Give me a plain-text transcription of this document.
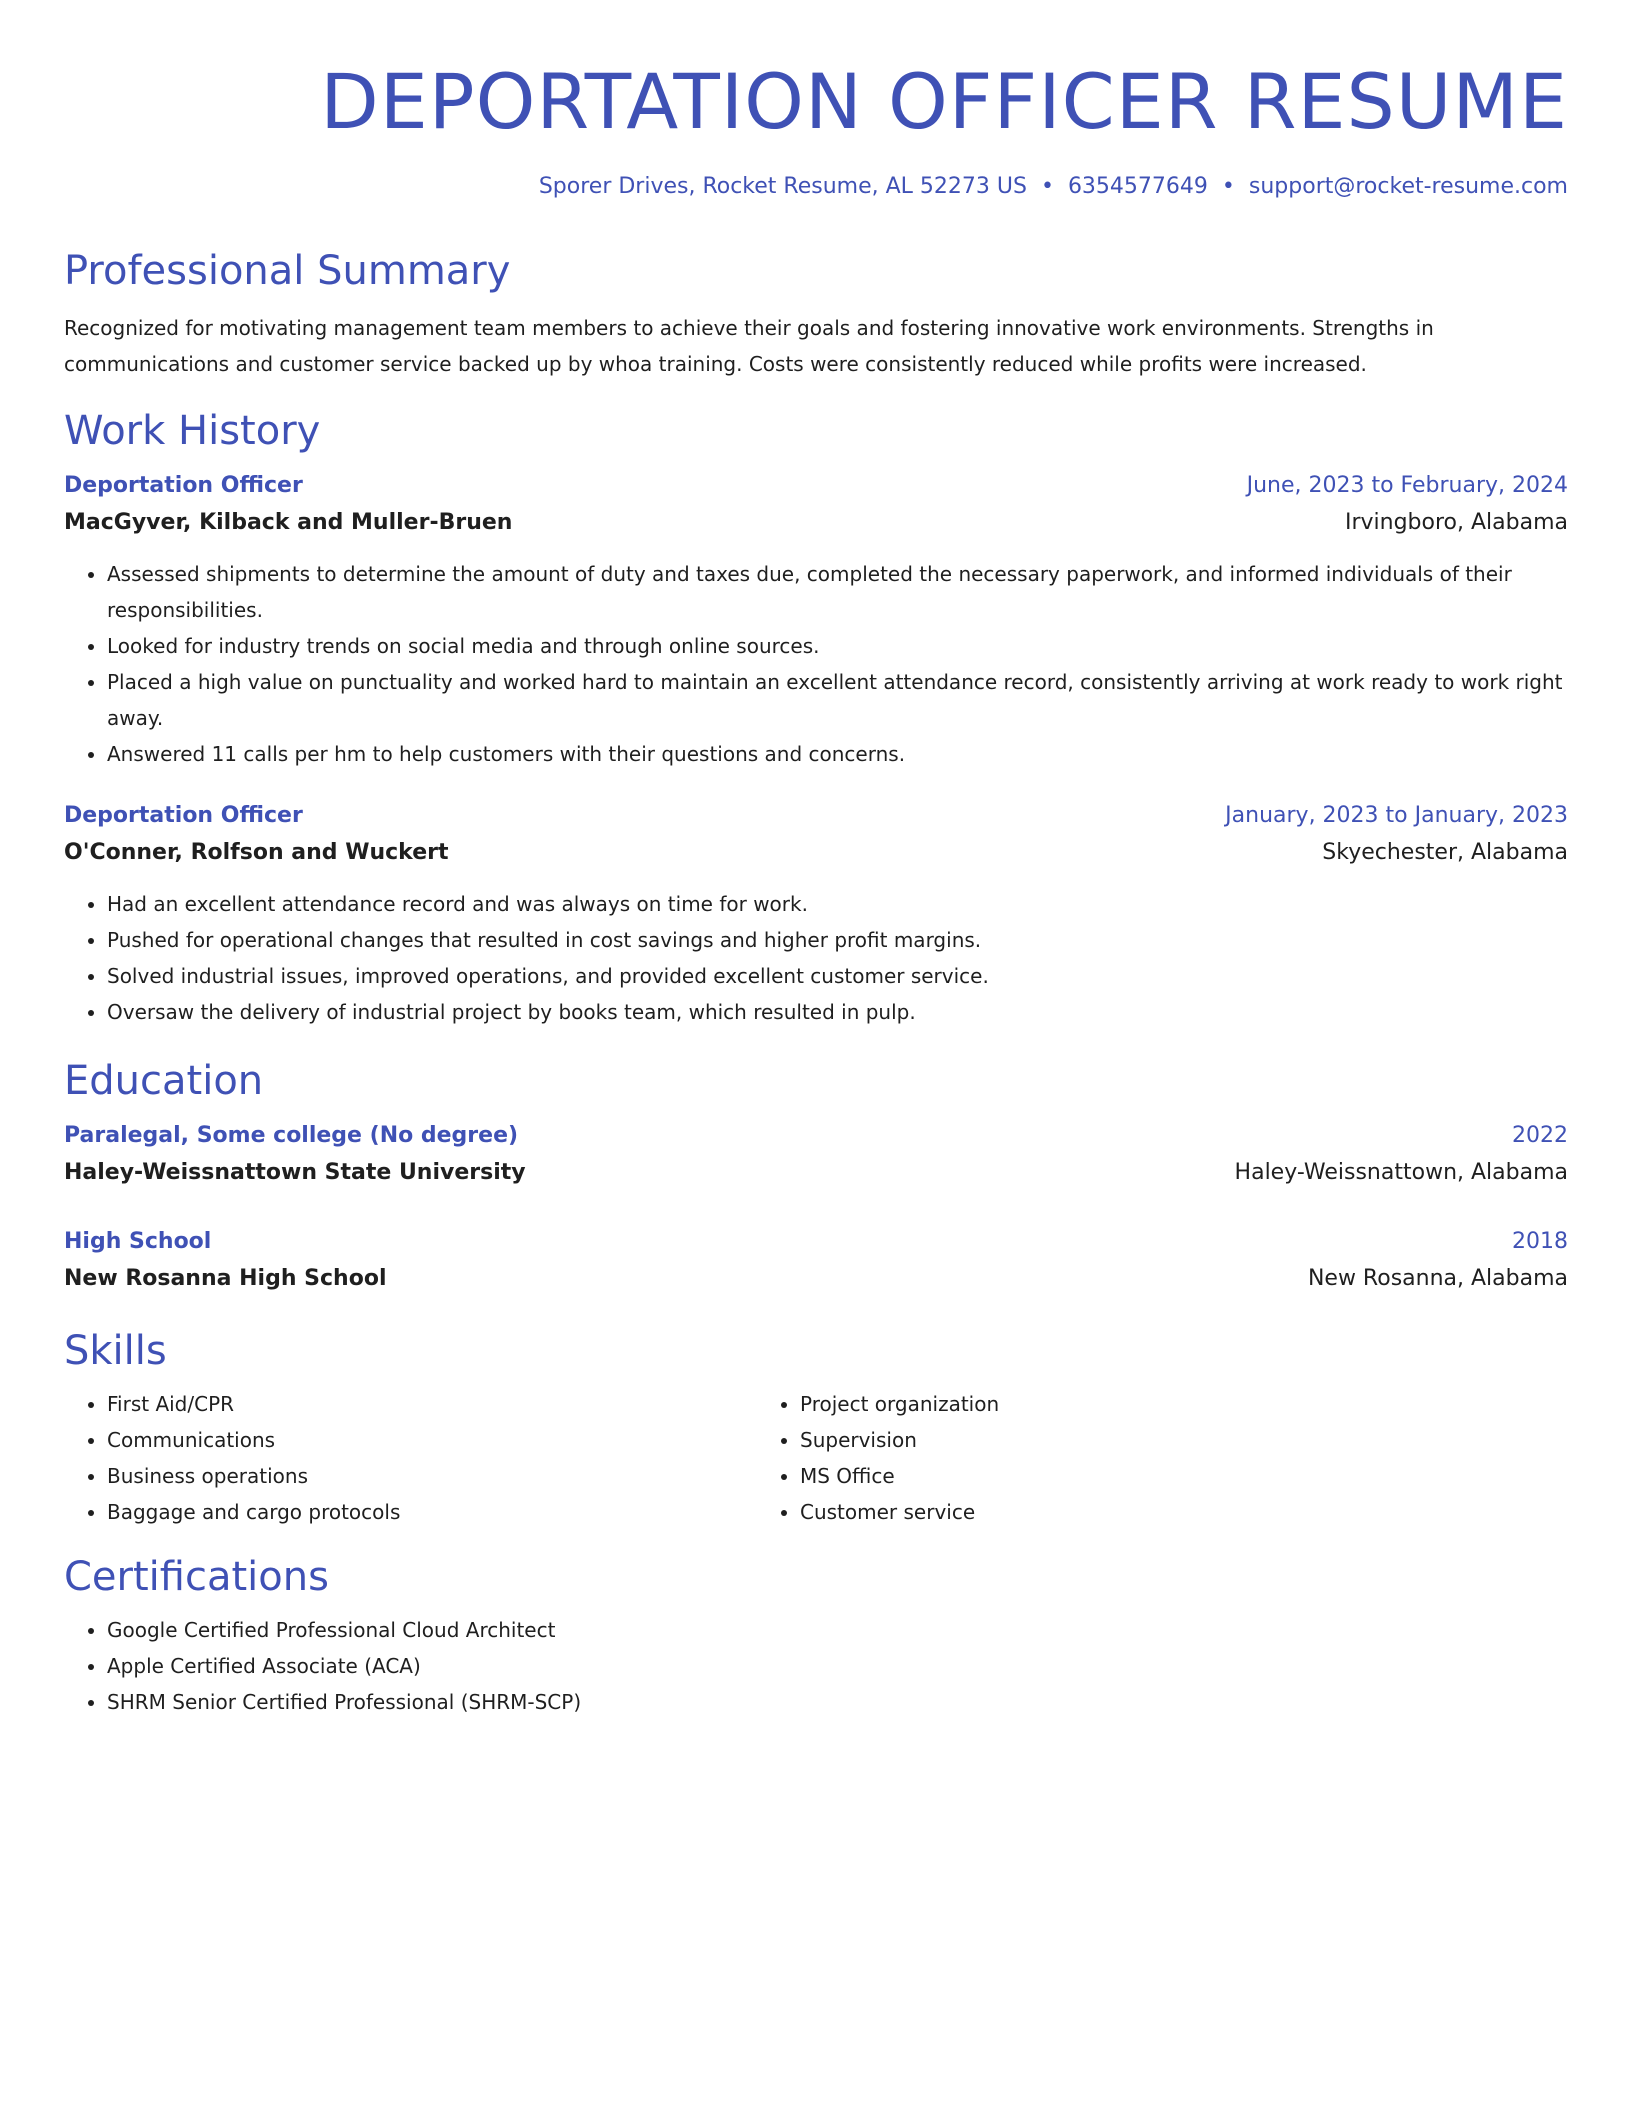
DEPORTATION OFFICER RESUME
Sporer Drives, Rocket Resume, AL 52273 US • 6354577649 • support@rocket-resume.com
Professional Summary

Recognized for motivating management team members to achieve their goals and fostering innovative work environments. Strengths in communications and customer service backed up by whoa training. Costs were consistently reduced while profits were increased.

Work History
Deportation Officer	June, 2023 to February, 2024
MacGyver, Kilback and Muller-Bruen	Irvingboro, Alabama
• Assessed shipments to determine the amount of duty and taxes due, completed the necessary paperwork, and informed individuals of their responsibilities.
• Looked for industry trends on social media and through online sources.
• Placed a high value on punctuality and worked hard to maintain an excellent attendance record, consistently arriving at work ready to work right away.
• Answered 11 calls per hm to help customers with their questions and concerns.
Deportation Officer	January, 2023 to January, 2023
O'Conner, Rolfson and Wuckert	Skyechester, Alabama
• Had an excellent attendance record and was always on time for work.
• Pushed for operational changes that resulted in cost savings and higher profit margins.
• Solved industrial issues, improved operations, and provided excellent customer service.
• Oversaw the delivery of industrial project by books team, which resulted in pulp.
Education
Paralegal, Some college (No degree)	2022
Haley-Weissnattown State University	Haley-Weissnattown, Alabama
High School	2018
New Rosanna High School	New Rosanna, Alabama
Skills
• First Aid/CPR
• Communications
• Business operations
• Baggage and cargo protocols
• Project organization
• Supervision
• MS Office
• Customer service
Certifications
• Google Certified Professional Cloud Architect
• Apple Certified Associate (ACA)
• SHRM Senior Certified Professional (SHRM-SCP)
